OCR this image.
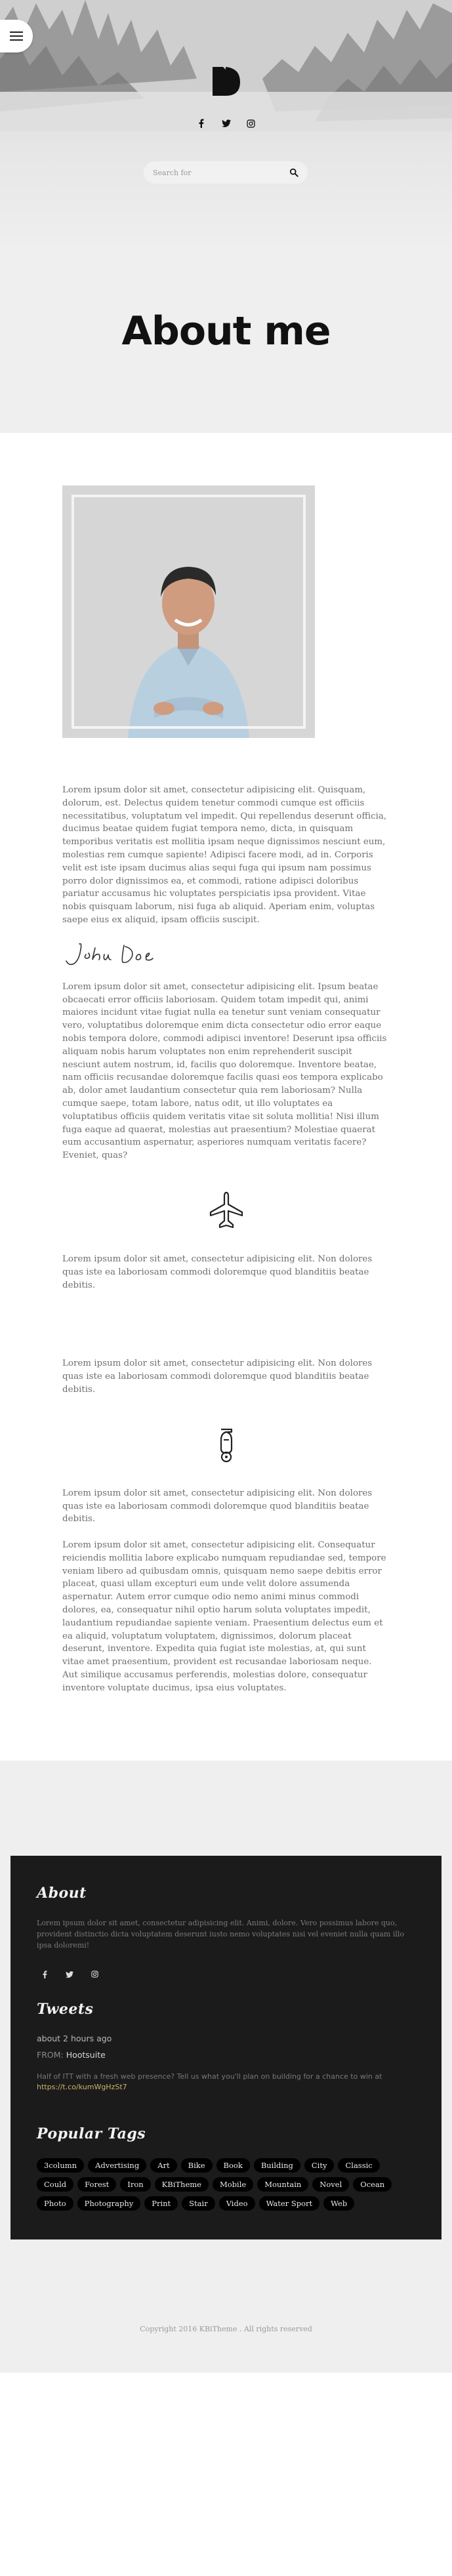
Search for
About me

Lorem ipsum dolor sit amet, consectetur adipisicing elit. Quisquam, dolorum, est. Delectus quidem tenetur commodi cumque est officiis necessitatibus, voluptatum vel impedit. Qui repellendus deserunt officia, ducimus beatae quidem fugiat tempora nemo, dicta, in quisquam temporibus veritatis est mollitia ipsam neque dignissimos nesciunt eum, molestias rem cumque sapiente! Adipisci facere modi, ad in. Corporis velit est iste ipsam ducimus alias sequi fuga qui ipsum nam possimus porro dolor dignissimos ea, et commodi, ratione adipisci doloribus pariatur accusamus hic voluptates perspiciatis ipsa provident. Vitae nobis quisquam laborum, nisi fuga ab aliquid. Aperiam enim, voluptas saepe eius ex aliquid, ipsam officiis suscipit.

Lorem ipsum dolor sit amet, consectetur adipisicing elit. Ipsum beatae obcaecati error officiis laboriosam. Quidem totam impedit qui, animi maiores incidunt vitae fugiat nulla ea tenetur sunt veniam consequatur vero, voluptatibus doloremque enim dicta consectetur odio error eaque nobis tempora dolore, commodi adipisci inventore! Deserunt ipsa officiis aliquam nobis harum voluptates non enim reprehenderit suscipit nesciunt autem nostrum, id, facilis quo doloremque. Inventore beatae, nam officiis recusandae doloremque facilis quasi eos tempora explicabo ab, dolor amet laudantium consectetur quia rem laboriosam? Nulla cumque saepe, totam labore, natus odit, ut illo voluptates ea voluptatibus officiis quidem veritatis vitae sit soluta mollitia! Nisi illum fuga eaque ad quaerat, molestias aut praesentium? Molestiae quaerat eum accusantium aspernatur, asperiores numquam veritatis facere? Eveniet, quas?

Lorem ipsum dolor sit amet, consectetur adipisicing elit. Non dolores quas iste ea laboriosam commodi doloremque quod blanditiis beatae debitis.

Lorem ipsum dolor sit amet, consectetur adipisicing elit. Non dolores quas iste ea laboriosam commodi doloremque quod blanditiis beatae debitis.

Lorem ipsum dolor sit amet, consectetur adipisicing elit. Non dolores quas iste ea laboriosam commodi doloremque quod blanditiis beatae debitis.

Lorem ipsum dolor sit amet, consectetur adipisicing elit. Consequatur reiciendis mollitia labore explicabo numquam repudiandae sed, tempore veniam libero ad quibusdam omnis, quisquam nemo saepe debitis error placeat, quasi ullam excepturi eum unde velit dolore assumenda aspernatur. Autem error cumque odio nemo animi minus commodi dolores, ea, consequatur nihil optio harum soluta voluptates impedit, laudantium repudiandae sapiente veniam. Praesentium delectus eum et ea aliquid, voluptatum voluptatem, dignissimos, dolorum placeat deserunt, inventore. Expedita quia fugiat iste molestias, at, qui sunt vitae amet praesentium, provident est recusandae laboriosam neque. Aut similique accusamus perferendis, molestias dolore, consequatur inventore voluptate ducimus, ipsa eius voluptates.

About

Lorem ipsum dolor sit amet, consectetur adipisicing elit. Animi, dolore. Vero possimus labore quo, provident distinctio dicta voluptatem deserunt iusto nemo voluptates nisi vel eveniet nulla quam illo ipsa doloremi!

Tweets
about 2 hours ago
FROM: Hootsuite
Half of ITT with a fresh web presence? Tell us what you'll plan on building for a chance to win at https://t.co/kumWgHzSt7
Popular Tags
3column	Advertising	Art	Bike	Book	Building	City	Classic
Could	Forest	Iron	KBiTheme	Mobile	Mountain	Novel	Ocean
Photo	Photography	Print	Stair	Video	Water Sport	Web
Copyright 2016 KBiTheme . All rights reserved
